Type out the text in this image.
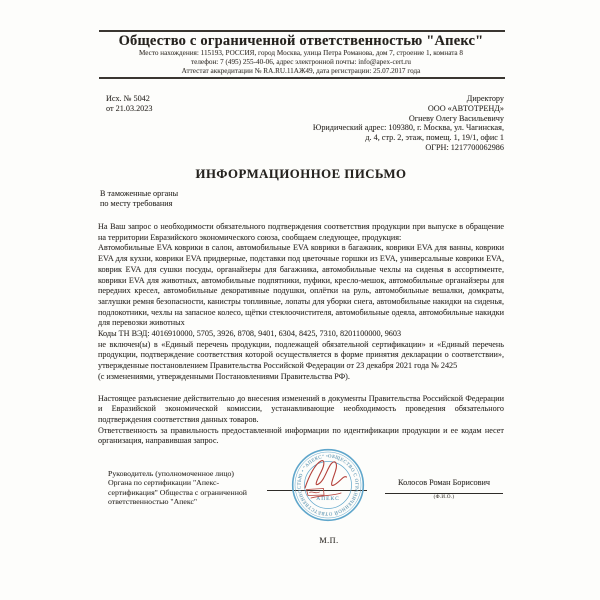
Общество с ограниченной ответственностью "Апекс"
Место нахождения: 115193, РОССИЯ, город Москва, улица Петра Романова, дом 7, строение 1, комната 8
телефон: 7 (495) 255-40-06, адрес электронной почты: info@apex-cert.ru
Аттестат аккредитации № RA.RU.11АЖ49, дата регистрации: 25.07.2017 года
Исх. № 5042
от 21.03.2023
Директору
ООО «АВТОТРЕНД»
Огневу Олегу Васильевичу
Юридический адрес: 109380, г. Москва, ул. Чагинская,
д. 4, стр. 2, этаж, помещ. 1, 19/1, офис 1
ОГРН: 1217700062986
ИНФОРМАЦИОННОЕ ПИСЬМО
В таможенные органы
по месту требования

На Ваш запрос о необходимости обязательного подтверждения соответствия продукции при выпуске в обращение на территории Евразийского экономического союза, сообщаем следующее, продукция:

Автомобильные EVA коврики в салон, автомобильные EVA коврики в багажник, коврики EVA для ванны, коврики EVA для кухни, коврики EVA придверные, подставки под цветочные горшки из EVA, универсальные коврики EVA, коврик EVA для сушки посуды, органайзеры для багажника, автомобильные чехлы на сиденья в ассортименте, коврики EVA для животных, автомобильные подпятники, пуфики, кресло-мешок, автомобильные органайзеры для передних кресел, автомобильные декоративные подушки, оплётки на руль, автомобильные вешалки, домкраты, заглушки ремня безопасности, канистры топливные, лопаты для уборки снега, автомобильные накидки на сиденья, подлокотники, чехлы на запасное колесо, щётки стеклоочистителя, автомобильные одеяла, автомобильные накидки для перевозки животных

Коды ТН ВЭД: 4016910000, 5705, 3926, 8708, 9401, 6304, 8425, 7310, 8201100000, 9603

не включен(ы) в «Единый перечень продукции, подлежащей обязательной сертификации» и «Единый перечень продукции, подтверждение соответствия которой осуществляется в форме принятия декларации о соответствии», утвержденные постановлением Правительства Российской Федерации от 23 декабря 2021 года № 2425

(с изменениями, утвержденными Постановлениями Правительства РФ).

Настоящее разъяснение действительно до внесения изменений в документы Правительства Российской Федерации и Евразийской экономической комиссии, устанавливающие необходимость проведения обязательного подтверждения соответствия данных товаров.

Ответственность за правильность предоставленной информации по идентификации продукции и ее кодам несет организация, направившая запрос.

Руководитель (уполномоченное лицо)
Органа по сертификации "Апекс-
сертификация" Общества с ограниченной
ответственностью "Апекс"
ОБЩЕСТВО С ОГРАНИЧЕННОЙ ОТВЕТСТВЕННОСТЬЮ • "АПЕКС" •
АПЕКС
Колосов Роман Борисович
(Ф.И.О.)
М.П.
